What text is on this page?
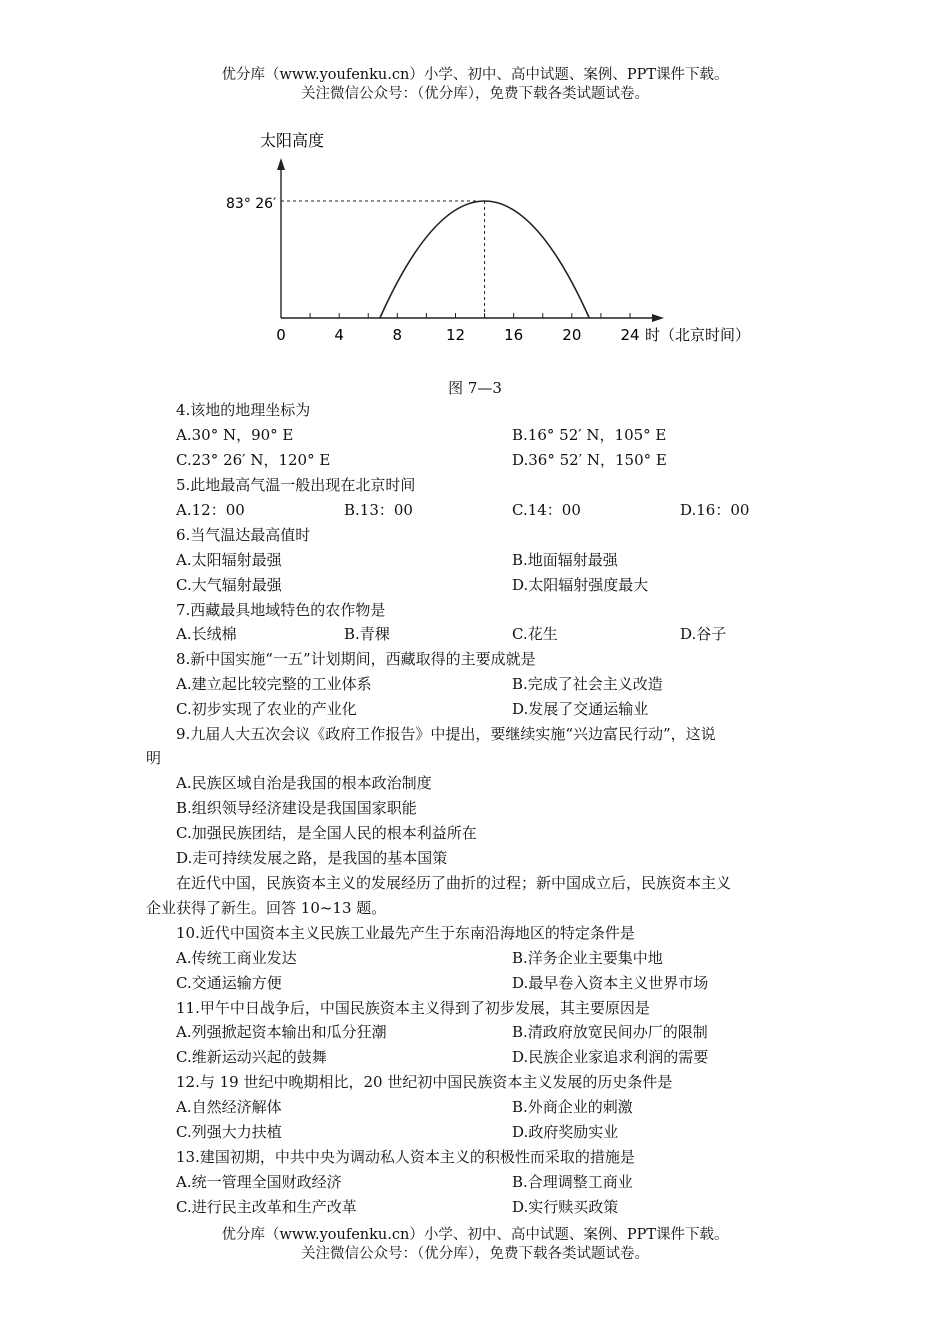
优分库（www.youfenku.cn）小学、初中、高中试题、案例、PPT课件下载。
关注微信公众号：（优分库），免费下载各类试题试卷。
太阳高度
时（北京时间）
83° 26′
0	4	8	12	16	20	24
图 7—3
4.该地的地理坐标为
A.30° N，90° E	B.16° 52′ N，105° E
C.23° 26′ N，120° E	D.36° 52′ N，150° E
5.此地最高气温一般出现在北京时间
A.12：00	B.13：00	C.14：00	D.16：00
6.当气温达最高值时
A.太阳辐射最强	B.地面辐射最强
C.大气辐射最强	D.太阳辐射强度最大
7.西藏最具地域特色的农作物是
A.长绒棉	B.青稞	C.花生	D.谷子
8.新中国实施“一五”计划期间，西藏取得的主要成就是
A.建立起比较完整的工业体系	B.完成了社会主义改造
C.初步实现了农业的产业化	D.发展了交通运输业
9.九届人大五次会议《政府工作报告》中提出，要继续实施“兴边富民行动”，这说
明
A.民族区域自治是我国的根本政治制度
B.组织领导经济建设是我国国家职能
C.加强民族团结，是全国人民的根本利益所在
D.走可持续发展之路，是我国的基本国策
在近代中国，民族资本主义的发展经历了曲折的过程；新中国成立后，民族资本主义
企业获得了新生。回答 10~13 题。
10.近代中国资本主义民族工业最先产生于东南沿海地区的特定条件是
A.传统工商业发达	B.洋务企业主要集中地
C.交通运输方便	D.最早卷入资本主义世界市场
11.甲午中日战争后，中国民族资本主义得到了初步发展，其主要原因是
A.列强掀起资本输出和瓜分狂潮	B.清政府放宽民间办厂的限制
C.维新运动兴起的鼓舞	D.民族企业家追求利润的需要
12.与 19 世纪中晚期相比，20 世纪初中国民族资本主义发展的历史条件是
A.自然经济解体	B.外商企业的刺激
C.列强大力扶植	D.政府奖励实业
13.建国初期，中共中央为调动私人资本主义的积极性而采取的措施是
A.统一管理全国财政经济	B.合理调整工商业
C.进行民主改革和生产改革	D.实行赎买政策
优分库（www.youfenku.cn）小学、初中、高中试题、案例、PPT课件下载。
关注微信公众号：（优分库），免费下载各类试题试卷。
